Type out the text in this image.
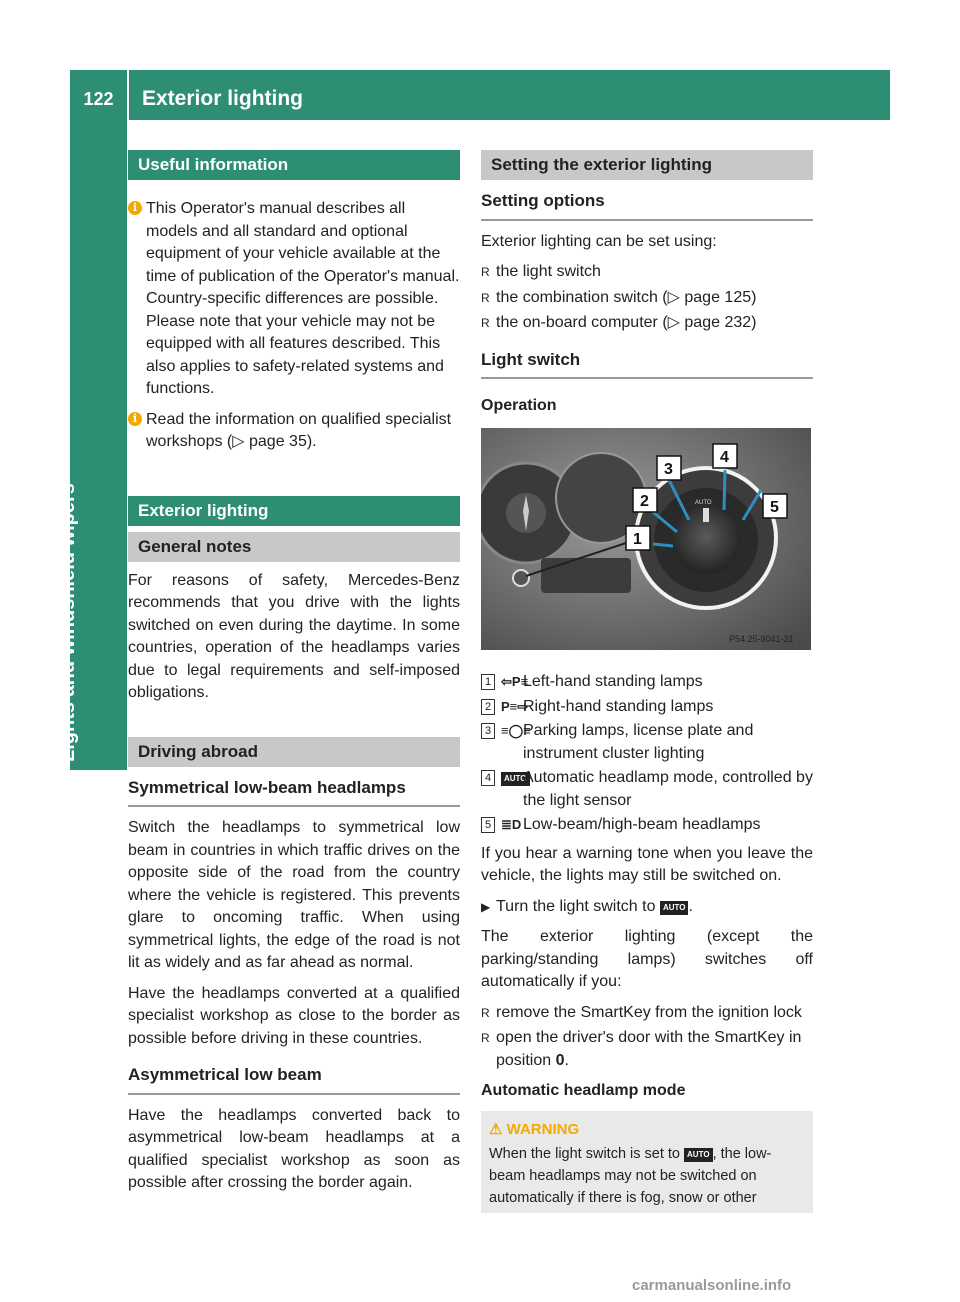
122	Exterior lighting
Lights and windshield wipers
Useful information
i This Operator's manual describes all models and all standard and optional equipment of your vehicle available at the time of publication of the Operator's manual. Country-specific differences are possible. Please note that your vehicle may not be equipped with all features described. This also applies to safety-related systems and functions.
i Read the information on qualified specialist workshops (▷ page 35).
Exterior lighting
General notes

For reasons of safety, Mercedes-Benz recommends that you drive with the lights switched on even during the daytime. In some countries, operation of the headlamps varies due to legal requirements and self-imposed obligations.

Driving abroad
Symmetrical low-beam headlamps

Switch the headlamps to symmetrical low beam in countries in which traffic drives on the opposite side of the road from the country where the vehicle is registered. This prevents glare to oncoming traffic. When using symmetrical lights, the edge of the road is not lit as widely and as far ahead as normal.

Have the headlamps converted at a qualified specialist workshop as close to the border as possible before driving in these countries.

Asymmetrical low beam

Have the headlamps converted back to asymmetrical low-beam headlamps at a qualified specialist workshop as soon as possible after crossing the border again.

Setting the exterior lighting
Setting options

Exterior lighting can be set using:

R the light switch
R the combination switch (▷ page 125)
R the on-board computer (▷ page 232)
Light switch
Operation
AUTO
1
2
3
4
5
P54.25-9041-31
1 ⇦P≡
Left-hand standing lamps
2 P≡⇨
Right-hand standing lamps
3 ≡◯≡
Parking lamps, license plate and instrument cluster lighting
4	AUTO
Automatic headlamp mode, controlled by the light sensor
5 ≣D Low-beam/high-beam headlamps

If you hear a warning tone when you leave the vehicle, the lights may still be switched on.

▶ Turn the light switch to AUTO .

The exterior lighting (except the parking/standing lamps) switches off automatically if you:

R remove the SmartKey from the ignition lock
R open the driver's door with the SmartKey in position 0.
Automatic headlamp mode
⚠ WARNING
When the light switch is set to AUTO , the low-beam headlamps may not be switched on automatically if there is fog, snow or other
carmanualsonline.info
